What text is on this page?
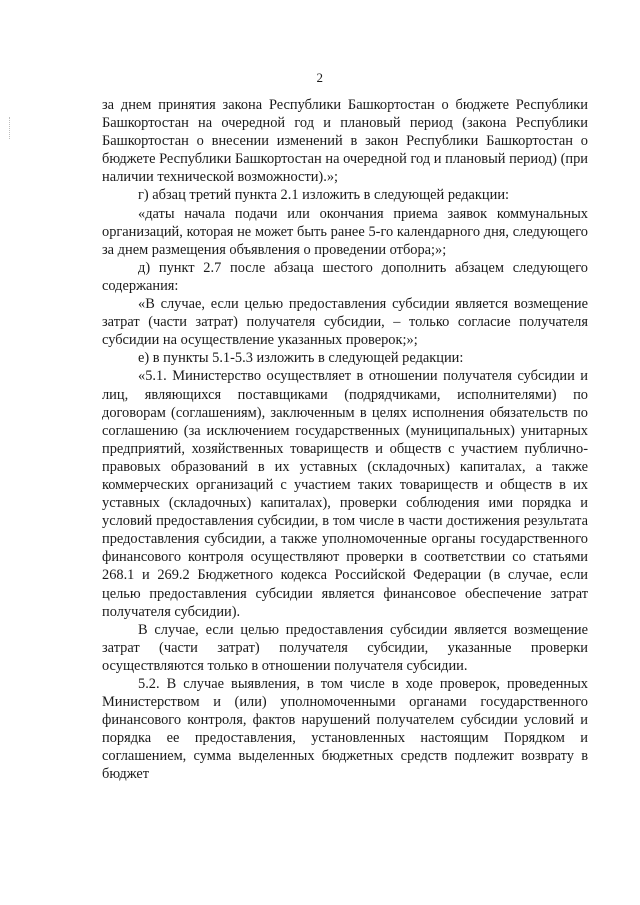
2

за днем принятия закона Республики Башкортостан о бюджете Республики Башкортостан на очередной год и плановый период (закона Республики Башкортостан о внесении изменений в закон Республики Башкортостан о бюджете Республики Башкортостан на очередной год и плановый период) (при наличии технической возможности).»;

г) абзац третий пункта 2.1 изложить в следующей редакции:

«даты начала подачи или окончания приема заявок коммунальных организаций, которая не может быть ранее 5-го календарного дня, следующего за днем размещения объявления о проведении отбора;»;

д) пункт 2.7 после абзаца шестого дополнить абзацем следующего содержания:

«В случае, если целью предоставления субсидии является возмещение затрат (части затрат) получателя субсидии, – только согласие получателя субсидии на осуществление указанных проверок;»;

е) в пункты 5.1-5.3 изложить в следующей редакции:

«5.1. Министерство осуществляет в отношении получателя субсидии и лиц, являющихся поставщиками (подрядчиками, исполнителями) по договорам (соглашениям), заключенным в целях исполнения обязательств по соглашению (за исключением государственных (муниципальных) унитарных предприятий, хозяйственных товариществ и обществ с участием публично-правовых образований в их уставных (складочных) капиталах, а также коммерческих организаций с участием таких товариществ и обществ в их уставных (складочных) капиталах), проверки соблюдения ими порядка и условий предоставления субсидии, в том числе в части достижения результата предоставления субсидии, а также уполномоченные органы государственного финансового контроля осуществляют проверки в соответствии со статьями 268.1 и 269.2 Бюджетного кодекса Российской Федерации (в случае, если целью предоставления субсидии является финансовое обеспечение затрат получателя субсидии).

В случае, если целью предоставления субсидии является возмещение затрат (части затрат) получателя субсидии, указанные проверки осуществляются только в отношении получателя субсидии.

5.2. В случае выявления, в том числе в ходе проверок, проведенных Министерством и (или) уполномоченными органами государственного финансового контроля, фактов нарушений получателем субсидии условий и порядка ее предоставления, установленных настоящим Порядком и соглашением, сумма выделенных бюджетных средств подлежит возврату в бюджет
